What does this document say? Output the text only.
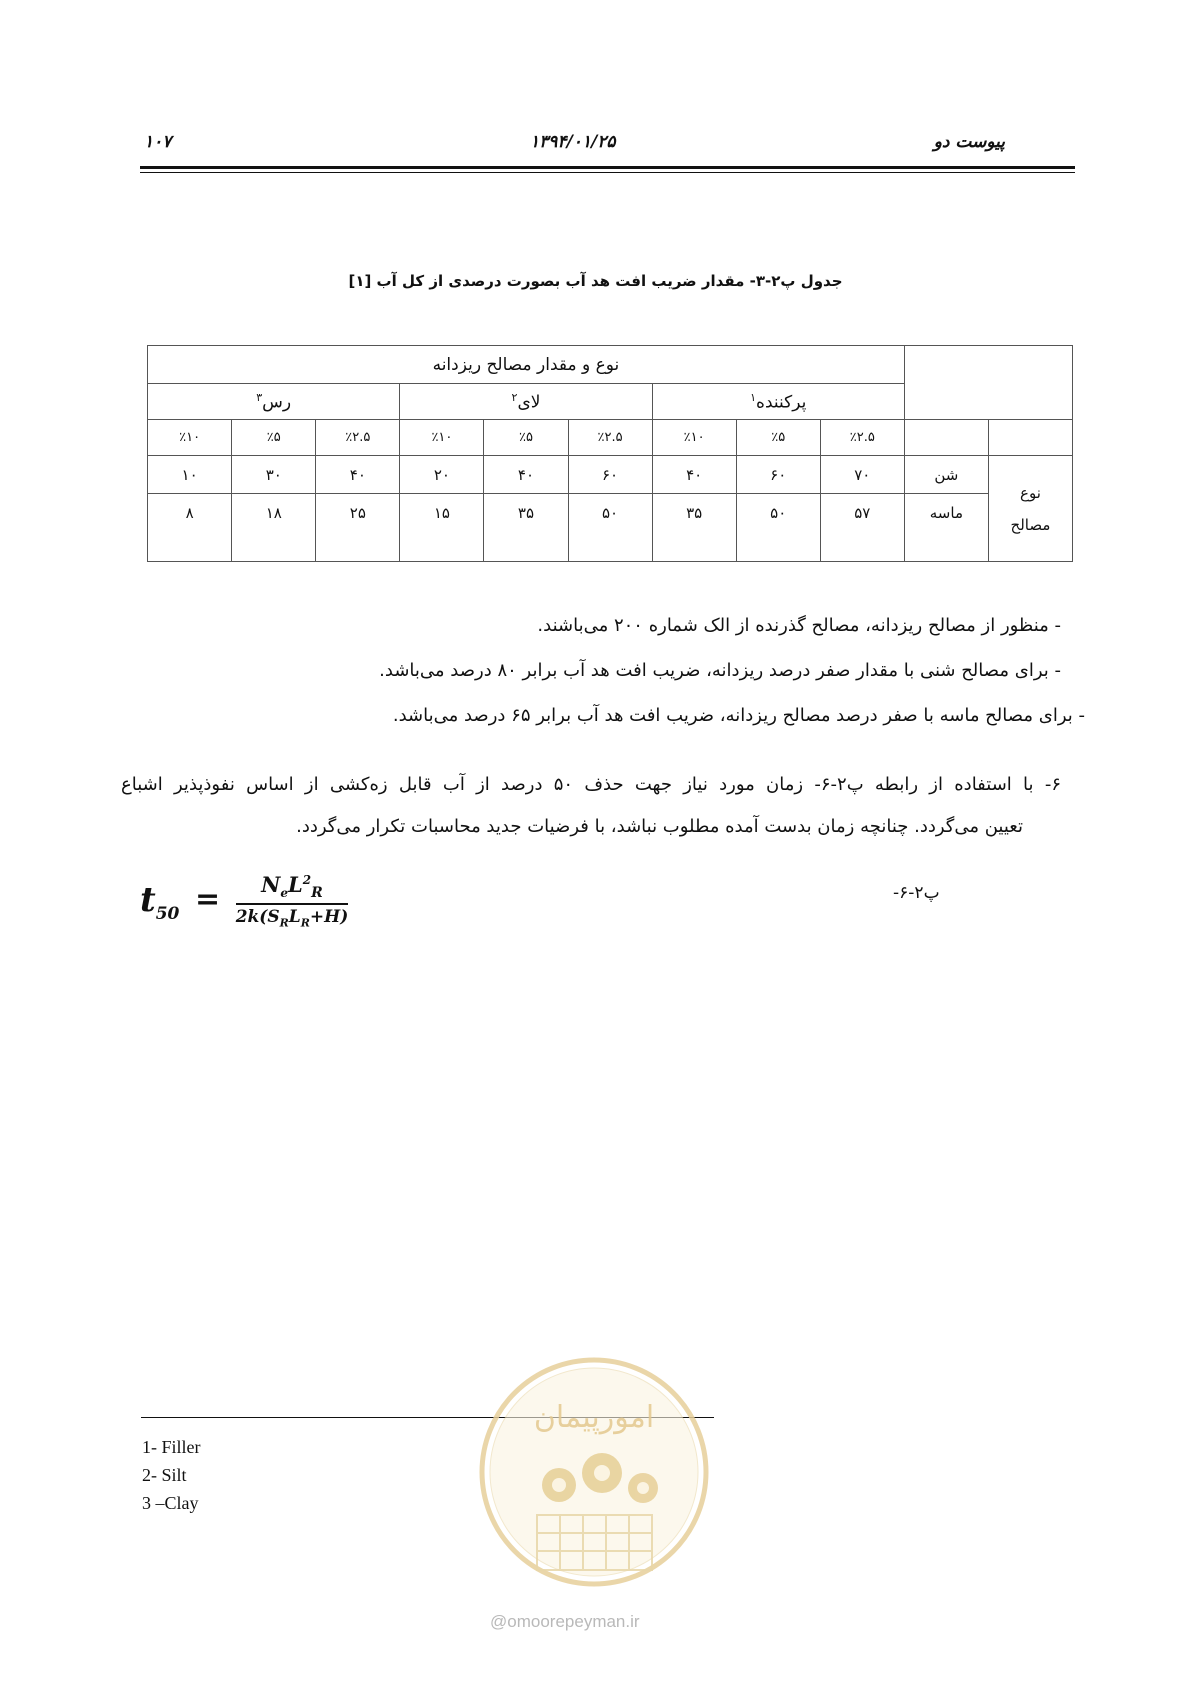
پیوست دو
۱۳۹۴/۰۱/۲۵
۱۰۷
جدول پ۲-۳- مقدار ضریب افت هد آب بصورت درصدی از کل آب [۱]
		نوع و مقدار مصالح ریزدانه								
		پرکننده$^۱$			لای$^۲$			رس$^۳$
		٪۲.۵	٪۵	٪۱۰	٪۲.۵	٪۵	٪۱۰	٪۲.۵	٪۵	٪۱۰

نوع
مصالح	شن	۷۰	۶۰	۴۰	۶۰	۴۰	۲۰	۴۰	۳۰	۱۰
	ماسه	۵۷	۵۰	۳۵	۵۰	۳۵	۱۵	۲۵	۱۸	۸
- منظور از مصالح ریزدانه، مصالح گذرنده از الک شماره ۲۰۰ می‌باشند.
- برای مصالح شنی با مقدار صفر درصد ریزدانه، ضریب افت هد آب برابر ۸۰ درصد می‌باشد.
- برای مصالح ماسه با صفر درصد مصالح ریزدانه، ضریب افت هد آب برابر ۶۵ درصد می‌باشد.
۶- با استفاده از رابطه پ۲-۶- زمان مورد نیاز جهت حذف ۵۰ درصد از آب قابل زه‌کشی از اساس نفوذپذیر اشباع
تعیین می‌گردد. چنانچه زمان بدست آمده مطلوب نباشد، با فرضیات جدید محاسبات تکرار می‌گردد.
$t_{50}$ =	$N_eL^2_R$
$2k(S_RL_R+H)$
پ۲-۶-
امورپیمان
@omoorepeyman.ir
1- Filler
2- Silt
3 –Clay
